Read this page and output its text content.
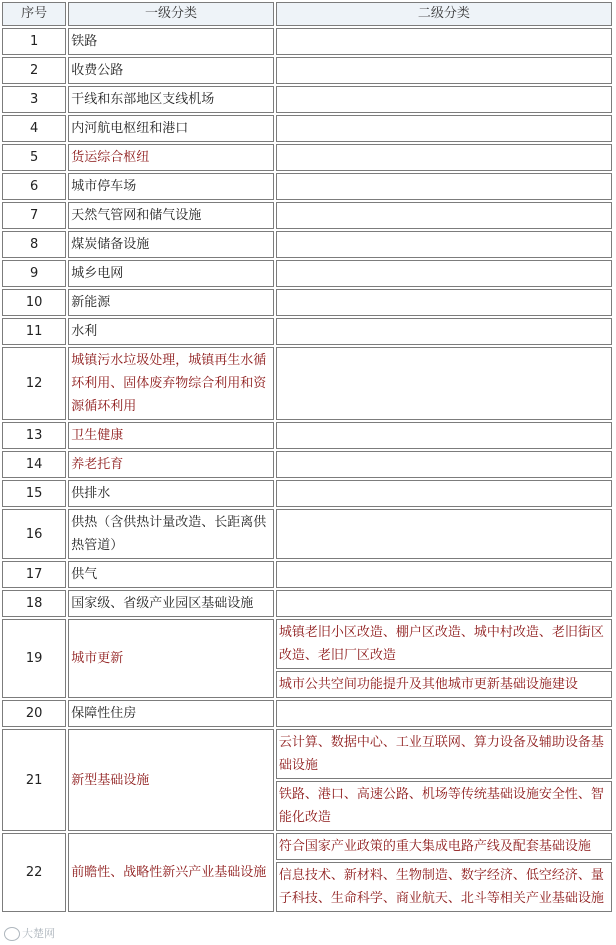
序号	一级分类	二级分类
1	铁路	
2	收费公路	
3	干线和东部地区支线机场	
4	内河航电枢纽和港口	
5	货运综合枢纽	
6	城市停车场	
7	天然气管网和储气设施	
8	煤炭储备设施	
9	城乡电网	
10	新能源	
11	水利	
12	城镇污水垃圾处理，城镇再生水循环利用、固体废弃物综合利用和资源循环利用	
13	卫生健康	
14	养老托育	
15	供排水	
16	供热（含供热计量改造、长距离供热管道）	
17	供气	
18	国家级、省级产业园区基础设施	
19	城市更新	城镇老旧小区改造、棚户区改造、城中村改造、老旧街区改造、老旧厂区改造
		城市公共空间功能提升及其他城市更新基础设施建设
20	保障性住房	
21	新型基础设施	云计算、数据中心、工业互联网、算力设备及辅助设备基础设施
		铁路、港口、高速公路、机场等传统基础设施安全性、智能化改造
22	前瞻性、战略性新兴产业基础设施	符合国家产业政策的重大集成电路产线及配套基础设施
		信息技术、新材料、生物制造、数字经济、低空经济、量子科技、生命科学、商业航天、北斗等相关产业基础设施
大楚网
